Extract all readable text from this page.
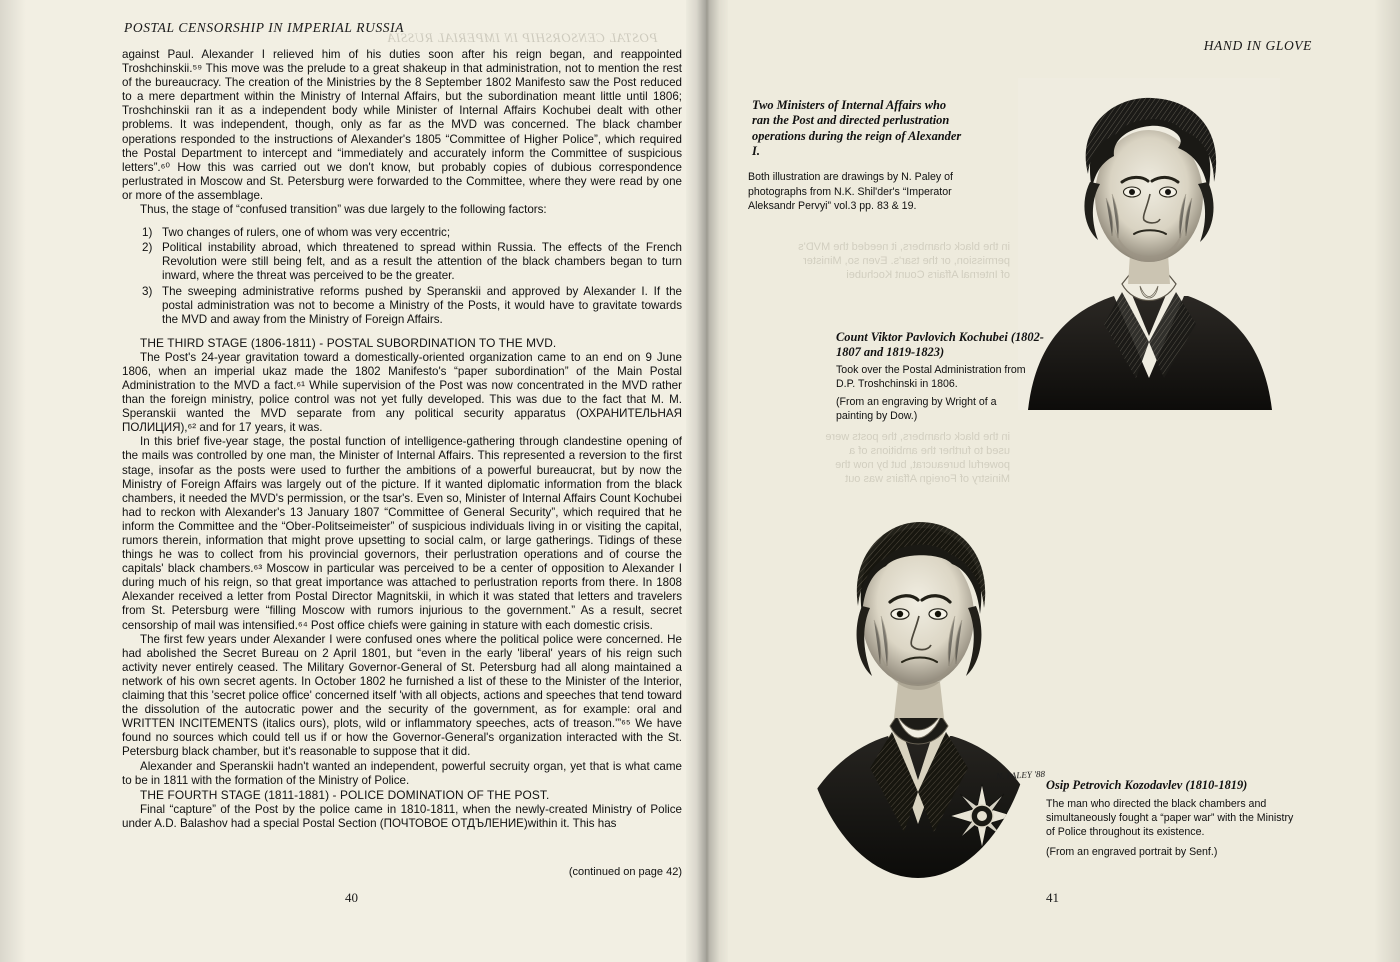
POSTAL CENSORSHIP IN IMPERIAL RUSSIA

against Paul. Alexander I relieved him of his duties soon after his reign began, and reappointed Troshchinskii.⁵⁹ This move was the prelude to a great shakeup in that administration, not to mention the rest of the bureaucracy. The creation of the Ministries by the 8 September 1802 Manifesto saw the Post reduced to a mere department within the Ministry of Internal Affairs, but the subordination meant little until 1806; Troshchinskii ran it as a independent body while Minister of Internal Affairs Kochubei dealt with other problems. It was independent, though, only as far as the MVD was concerned. The black chamber operations responded to the instructions of Alexander's 1805 “Committee of Higher Police”, which required the Postal Department to intercept and “immediately and accurately inform the Committee of suspicious letters”.⁶⁰ How this was carried out we don't know, but probably copies of dubious correspondence perlustrated in Moscow and St. Petersburg were forwarded to the Committee, where they were read by one or more of the assemblage.

Thus, the stage of “confused transition” was due largely to the following factors:

1) Two changes of rulers, one of whom was very eccentric;
2) Political instability abroad, which threatened to spread within Russia. The effects of the French Revolution were still being felt, and as a result the attention of the black chambers began to turn inward, where the threat was perceived to be the greater.
3) The sweeping administrative reforms pushed by Speranskii and approved by Alexander I. If the postal administration was not to become a Ministry of the Posts, it would have to gravitate towards the MVD and away from the Ministry of Foreign Affairs.

THE THIRD STAGE (1806-1811) - POSTAL SUBORDINATION TO THE MVD.

The Post's 24-year gravitation toward a domestically-oriented organization came to an end on 9 June 1806, when an imperial ukaz made the 1802 Manifesto's “paper subordination” of the Main Postal Administration to the MVD a fact.⁶¹ While supervision of the Post was now concentrated in the MVD rather than the foreign ministry, police control was not yet fully developed. This was due to the fact that M. M. Speranskii wanted the MVD separate from any political security apparatus (ОХРАНИТЕЛЬНАЯ ПОЛИЦИЯ),⁶² and for 17 years, it was.

In this brief five-year stage, the postal function of intelligence-gathering through clandestine opening of the mails was controlled by one man, the Minister of Internal Affairs. This represented a reversion to the first stage, insofar as the posts were used to further the ambitions of a powerful bureaucrat, but by now the Ministry of Foreign Affairs was largely out of the picture. If it wanted diplomatic information from the black chambers, it needed the MVD's permission, or the tsar's. Even so, Minister of Internal Affairs Count Kochubei had to reckon with Alexander's 13 January 1807 “Committee of General Security”, which required that he inform the Committee and the “Ober-Politseimeister” of suspicious individuals living in or visiting the capital, rumors therein, information that might prove upsetting to social calm, or large gatherings. Tidings of these things he was to collect from his provincial governors, their perlustration operations and of course the capitals' black chambers.⁶³ Moscow in particular was perceived to be a center of opposition to Alexander I during much of his reign, so that great importance was attached to perlustration reports from there. In 1808 Alexander received a letter from Postal Director Magnitskii, in which it was stated that letters and travelers from St. Petersburg were “filling Moscow with rumors injurious to the government.” As a result, secret censorship of mail was intensified.⁶⁴ Post office chiefs were gaining in stature with each domestic crisis.

The first few years under Alexander I were confused ones where the political police were concerned. He had abolished the Secret Bureau on 2 April 1801, but “even in the early 'liberal' years of his reign such activity never entirely ceased. The Military Governor-General of St. Petersburg had all along maintained a network of his own secret agents. In October 1802 he furnished a list of these to the Minister of the Interior, claiming that this 'secret police office' concerned itself 'with all objects, actions and speeches that tend toward the dissolution of the autocratic power and the security of the government, as for example: oral and WRITTEN INCITEMENTS (italics ours), plots, wild or inflammatory speeches, acts of treason.'”⁶⁵ We have found no sources which could tell us if or how the Governor-General's organization interacted with the St. Petersburg black chamber, but it's reasonable to suppose that it did.

Alexander and Speranskii hadn't wanted an independent, powerful secruity organ, yet that is what came to be in 1811 with the formation of the Ministry of Police.

THE FOURTH STAGE (1811-1881) - POLICE DOMINATION OF THE POST.

Final “capture” of the Post by the police came in 1810-1811, when the newly-created Ministry of Police under A.D. Balashov had a special Postal Section (ПОЧТОВОЕ ОТДЪЛЕНИЕ)within it. This has

(continued on page 42)
40
POSTAL CENSORSHIP IN IMPERIAL RUSSIA
HAND IN GLOVE
Two Ministers of Internal Affairs who ran the Post and directed perlustration operations during the reign of Alexander I.
Both illustration are drawings by N. Paley of photographs from N.K. Shil'der's “Imperator Aleksandr Pervyi” vol.3 pp. 83 & 19.
Count Viktor Pavlovich Kochubei (1802-1807 and 1819-1823)
Took over the Postal Administration from D.P. Troshchinski in 1806.
(From an engraving by Wright of a painting by Dow.)
N. PALEY '88
Osip Petrovich Kozodavlev (1810-1819)
The man who directed the black chambers and simultaneously fought a “paper war” with the Ministry of Police throughout its existence.
(From an engraved portrait by Senf.)
41
